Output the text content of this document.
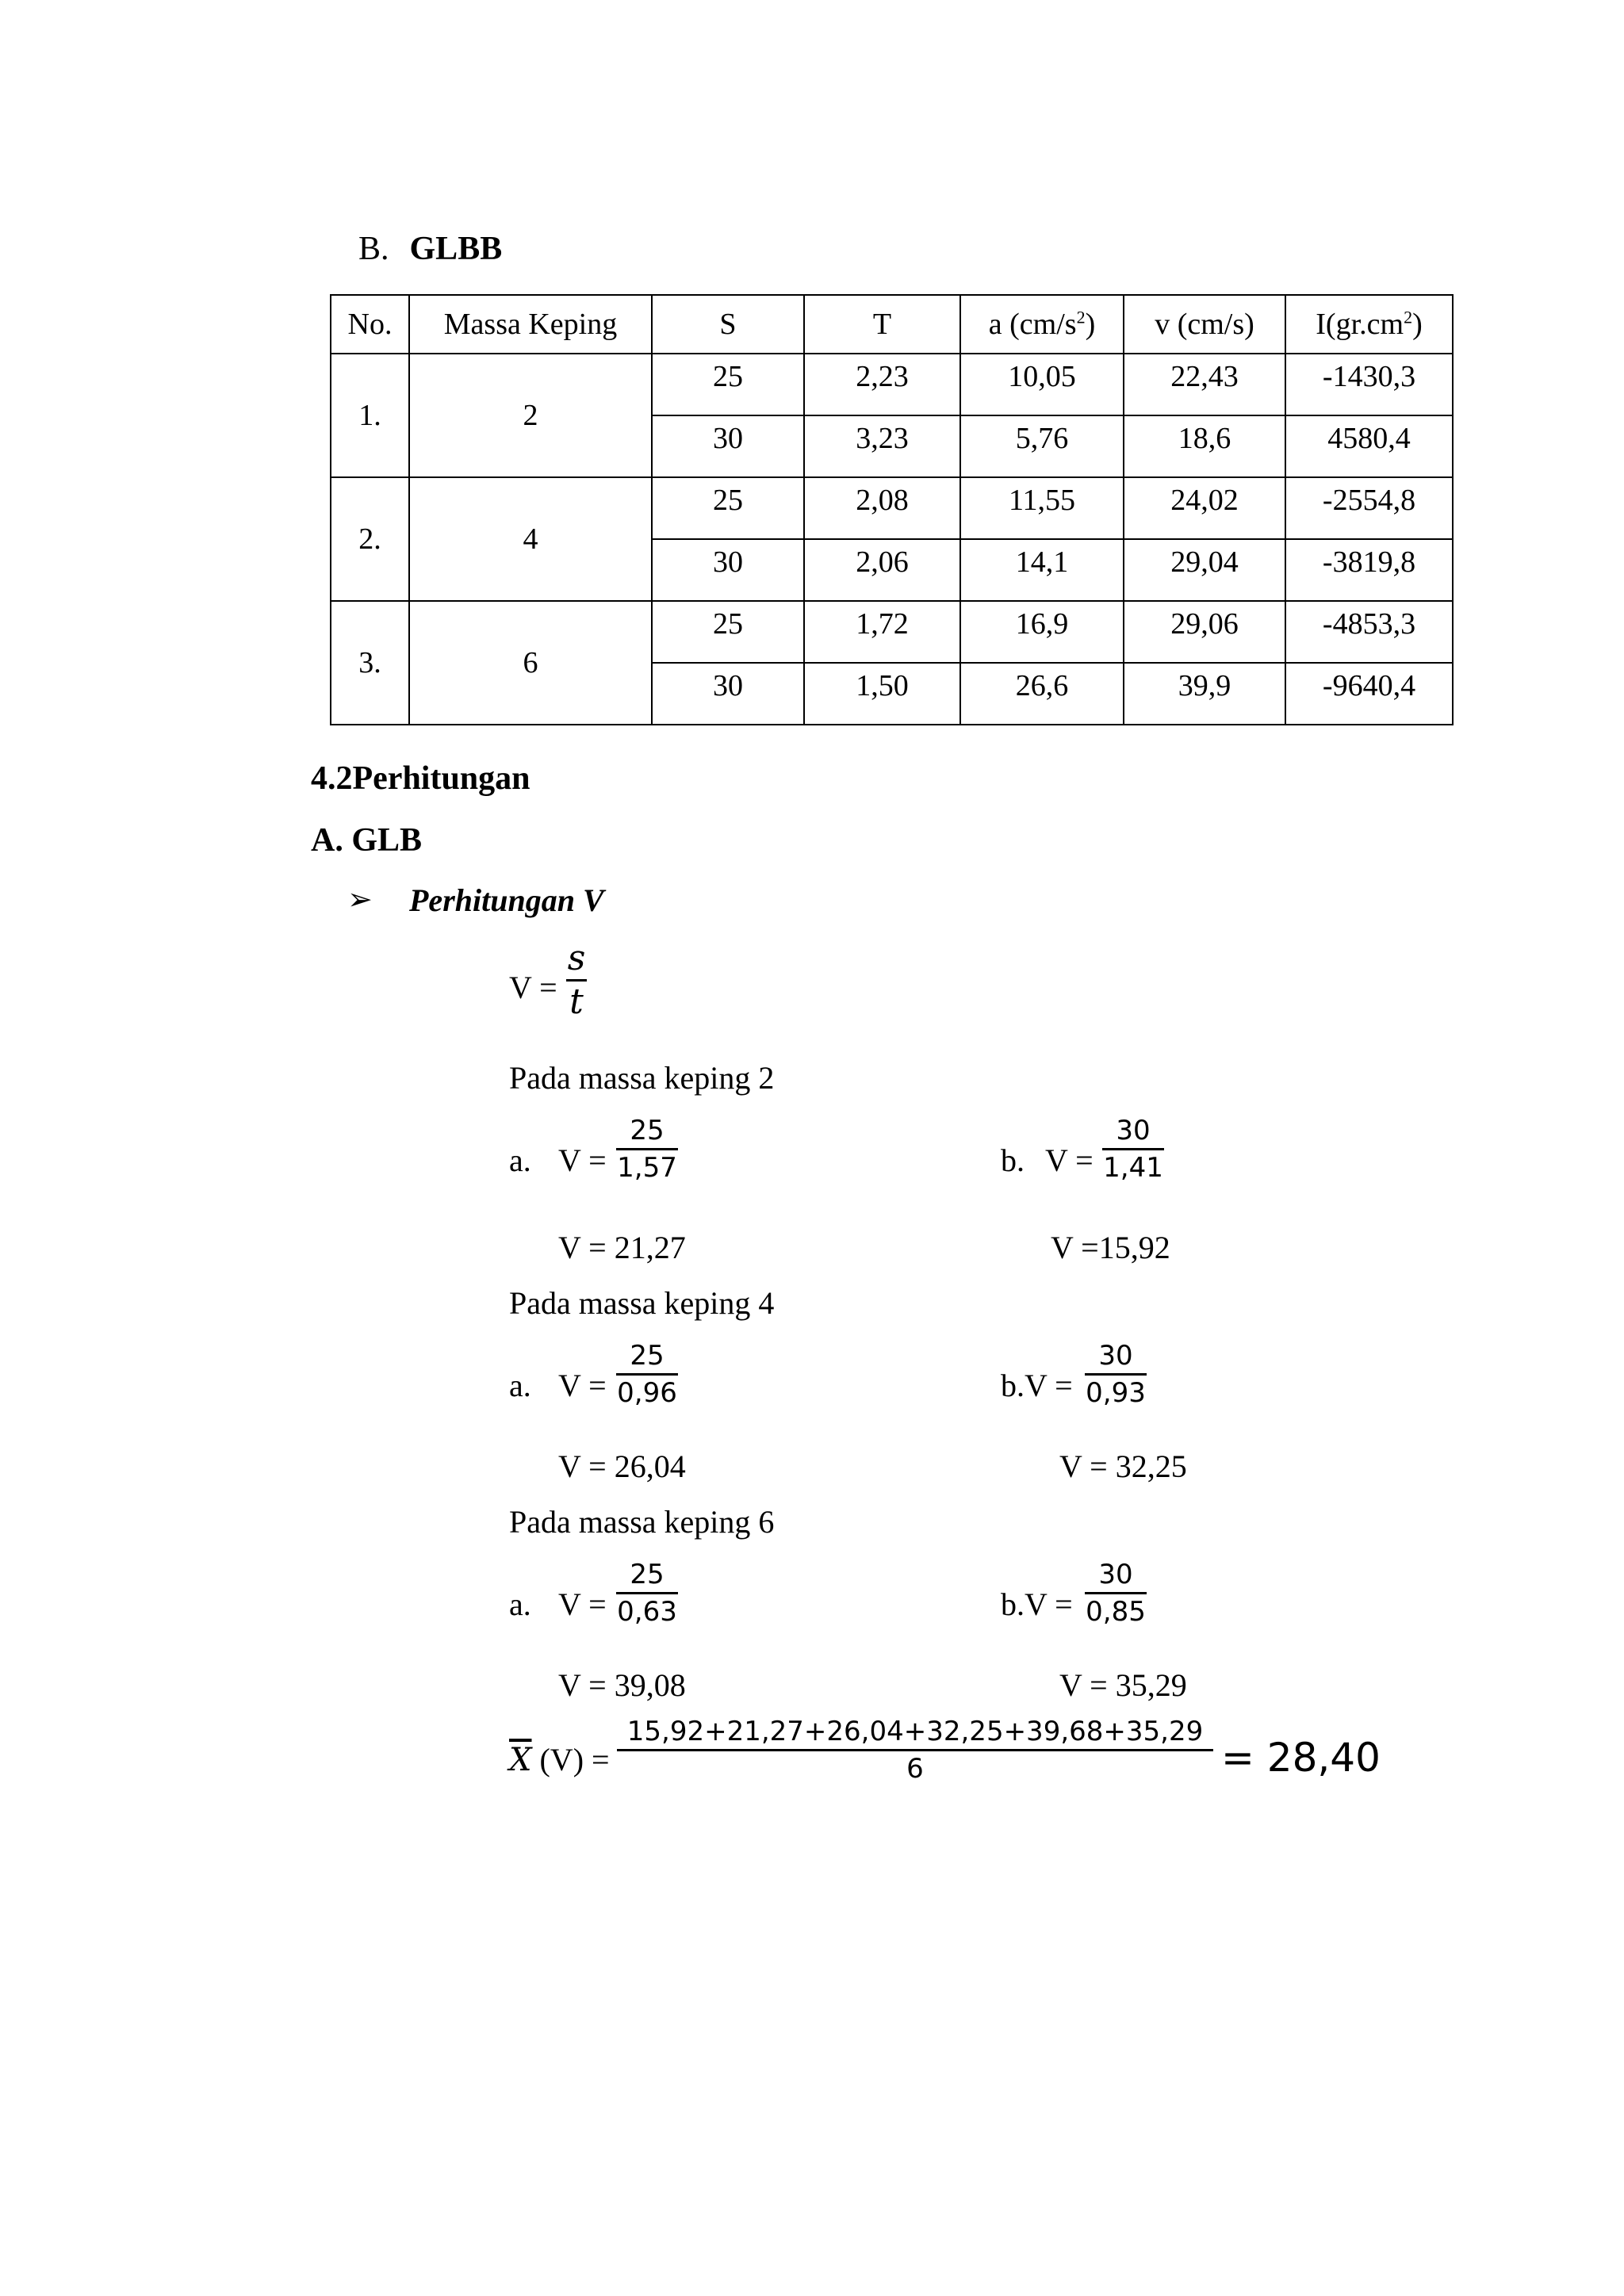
B. GLBB
No.	Massa Keping	S	T	a $(cm/s^2)$	v (cm/s)	$I(gr.cm^2)$
1.	2	25	2,23	10,05	22,43	-1430,3
		30	3,23	5,76	18,6	4580,4
2.	4	25	2,08	11,55	24,02	-2554,8
		30	2,06	14,1	29,04	-3819,8
3.	6	25	1,72	16,9	29,06	-4853,3
		30	1,50	26,6	39,9	-9640,4
4.2Perhitungan
A. GLB
➢ Perhitungan V
V =
s
t
Pada massa keping 2
a. V =
25
1,57
V = 21,27
b. V =
30
1,41
V =15,92
Pada massa keping 4
a. V =
25
0,96
V = 26,04
b.V =
30
0,93
V = 32,25
Pada massa keping 6
a. V =
25
0,63
V = 39,08
b.V =
30
0,85
V = 35,29
$\overline{X}$ (V) =
15,92+21,27+26,04+32,25+39,68+35,29
6	= 28,40
